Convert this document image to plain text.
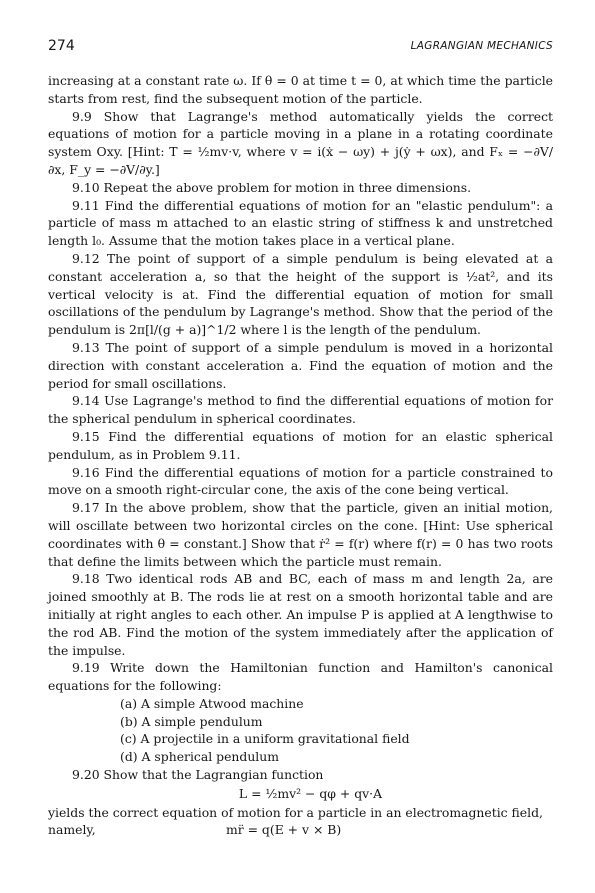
274	LAGRANGIAN MECHANICS

increasing at a constant rate ω. If θ = 0 at time t = 0, at which time the particle starts from rest, find the subsequent motion of the particle.

9.9 Show that Lagrange's method automatically yields the correct equations of motion for a particle moving in a plane in a rotating coordinate system Oxy. [Hint: T = ½mv·v, where v = i(ẋ − ωy) + j(ẏ + ωx), and Fₓ = −∂V/∂x, F_y = −∂V/∂y.]

9.10 Repeat the above problem for motion in three dimensions.

9.11 Find the differential equations of motion for an "elastic pendulum": a particle of mass m attached to an elastic string of stiffness k and unstretched length l₀. Assume that the motion takes place in a vertical plane.

9.12 The point of support of a simple pendulum is being elevated at a constant acceleration a, so that the height of the support is ½at², and its vertical velocity is at. Find the differential equation of motion for small oscillations of the pendulum by Lagrange's method. Show that the period of the pendulum is 2π[l/(g + a)]^1/2 where l is the length of the pendulum.

9.13 The point of support of a simple pendulum is moved in a horizontal direction with constant acceleration a. Find the equation of motion and the period for small oscillations.

9.14 Use Lagrange's method to find the differential equations of motion for the spherical pendulum in spherical coordinates.

9.15 Find the differential equations of motion for an elastic spherical pendulum, as in Problem 9.11.

9.16 Find the differential equations of motion for a particle constrained to move on a smooth right-circular cone, the axis of the cone being vertical.

9.17 In the above problem, show that the particle, given an initial motion, will oscillate between two horizontal circles on the cone. [Hint: Use spherical coordinates with θ = constant.] Show that ṙ² = f(r) where f(r) = 0 has two roots that define the limits between which the particle must remain.

9.18 Two identical rods AB and BC, each of mass m and length 2a, are joined smoothly at B. The rods lie at rest on a smooth horizontal table and are initially at right angles to each other. An impulse P is applied at A lengthwise to the rod AB. Find the motion of the system immediately after the application of the impulse.

9.19 Write down the Hamiltonian function and Hamilton's canonical equations for the following:

(a) A simple Atwood machine
(b) A simple pendulum
(c) A projectile in a uniform gravitational field
(d) A spherical pendulum

9.20 Show that the Lagrangian function

L = ½mv² − qφ + qv·A

yields the correct equation of motion for a particle in an electromagnetic field,

namely,	mr̈ = q(E + v × B)
